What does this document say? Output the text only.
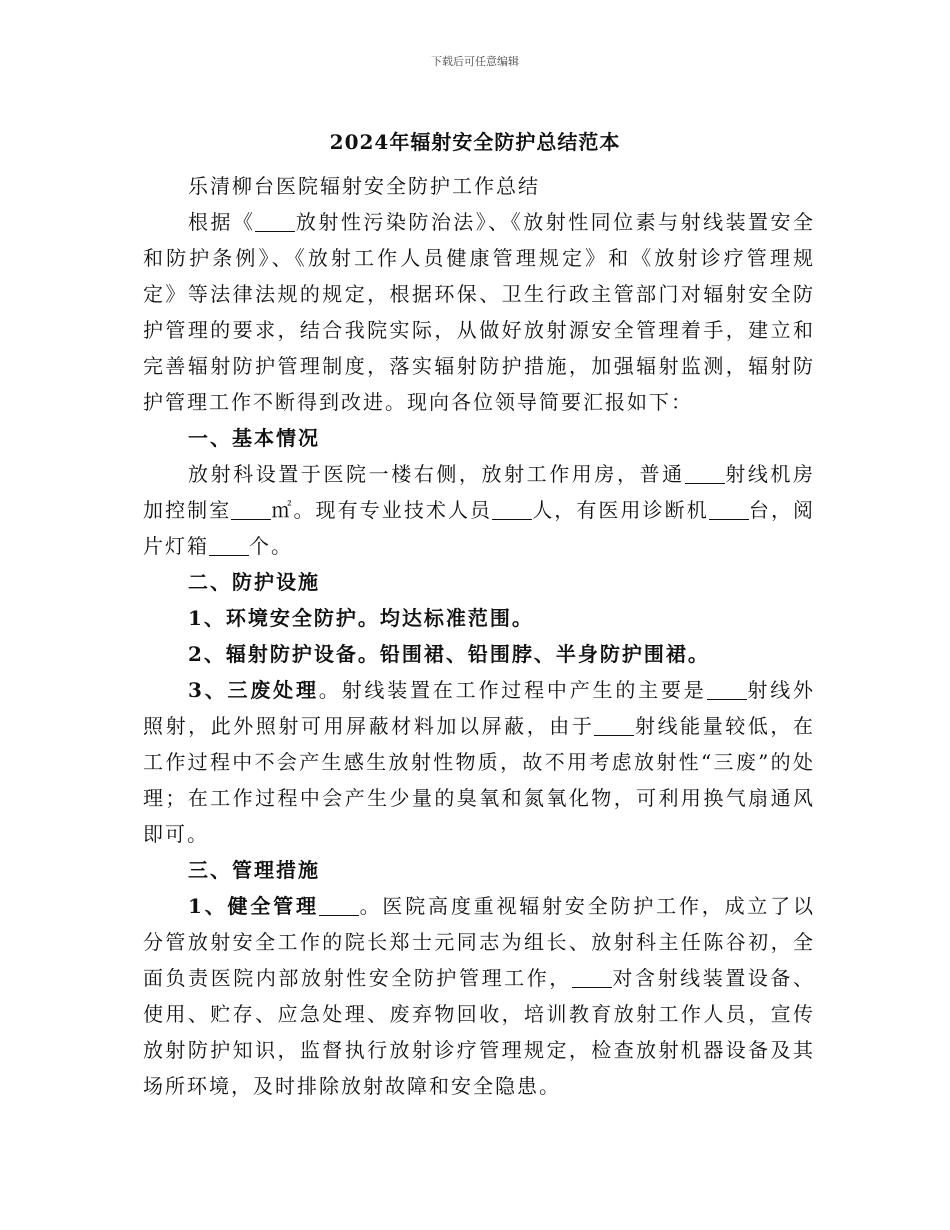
下载后可任意编辑
2024年辐射安全防护总结范本

乐清柳台医院辐射安全防护工作总结

根据《 放射性污染防治法》、《放射性同位素与射线装置安全和防护条例》、《放射工作人员健康管理规定》和《放射诊疗管理规定》等法律法规的规定，根据环保、卫生行政主管部门对辐射安全防护管理的要求，结合我院实际，从做好放射源安全管理着手，建立和完善辐射防护管理制度，落实辐射防护措施，加强辐射监测，辐射防护管理工作不断得到改进。现向各位领导简要汇报如下：

一、基本情况

放射科设置于医院一楼右侧，放射工作用房，普通 射线机房加控制室 ㎡。现有专业技术人员 人，有医用诊断机 台，阅片灯箱 个。

二、防护设施

1、环境安全防护。均达标准范围。

2、辐射防护设备。铅围裙、铅围脖、半身防护围裙。

3、三废处理。射线装置在工作过程中产生的主要是 射线外照射，此外照射可用屏蔽材料加以屏蔽，由于 射线能量较低，在工作过程中不会产生感生放射性物质，故不用考虑放射性“三废”的处理；在工作过程中会产生少量的臭氧和氮氧化物，可利用换气扇通风即可。

三、管理措施

1、健全管理 。医院高度重视辐射安全防护工作，成立了以分管放射安全工作的院长郑士元同志为组长、放射科主任陈谷初，全面负责医院内部放射性安全防护管理工作， 对含射线装置设备、使用、贮存、应急处理、废弃物回收，培训教育放射工作人员，宣传放射防护知识，监督执行放射诊疗管理规定，检查放射机器设备及其场所环境，及时排除放射故障和安全隐患。
